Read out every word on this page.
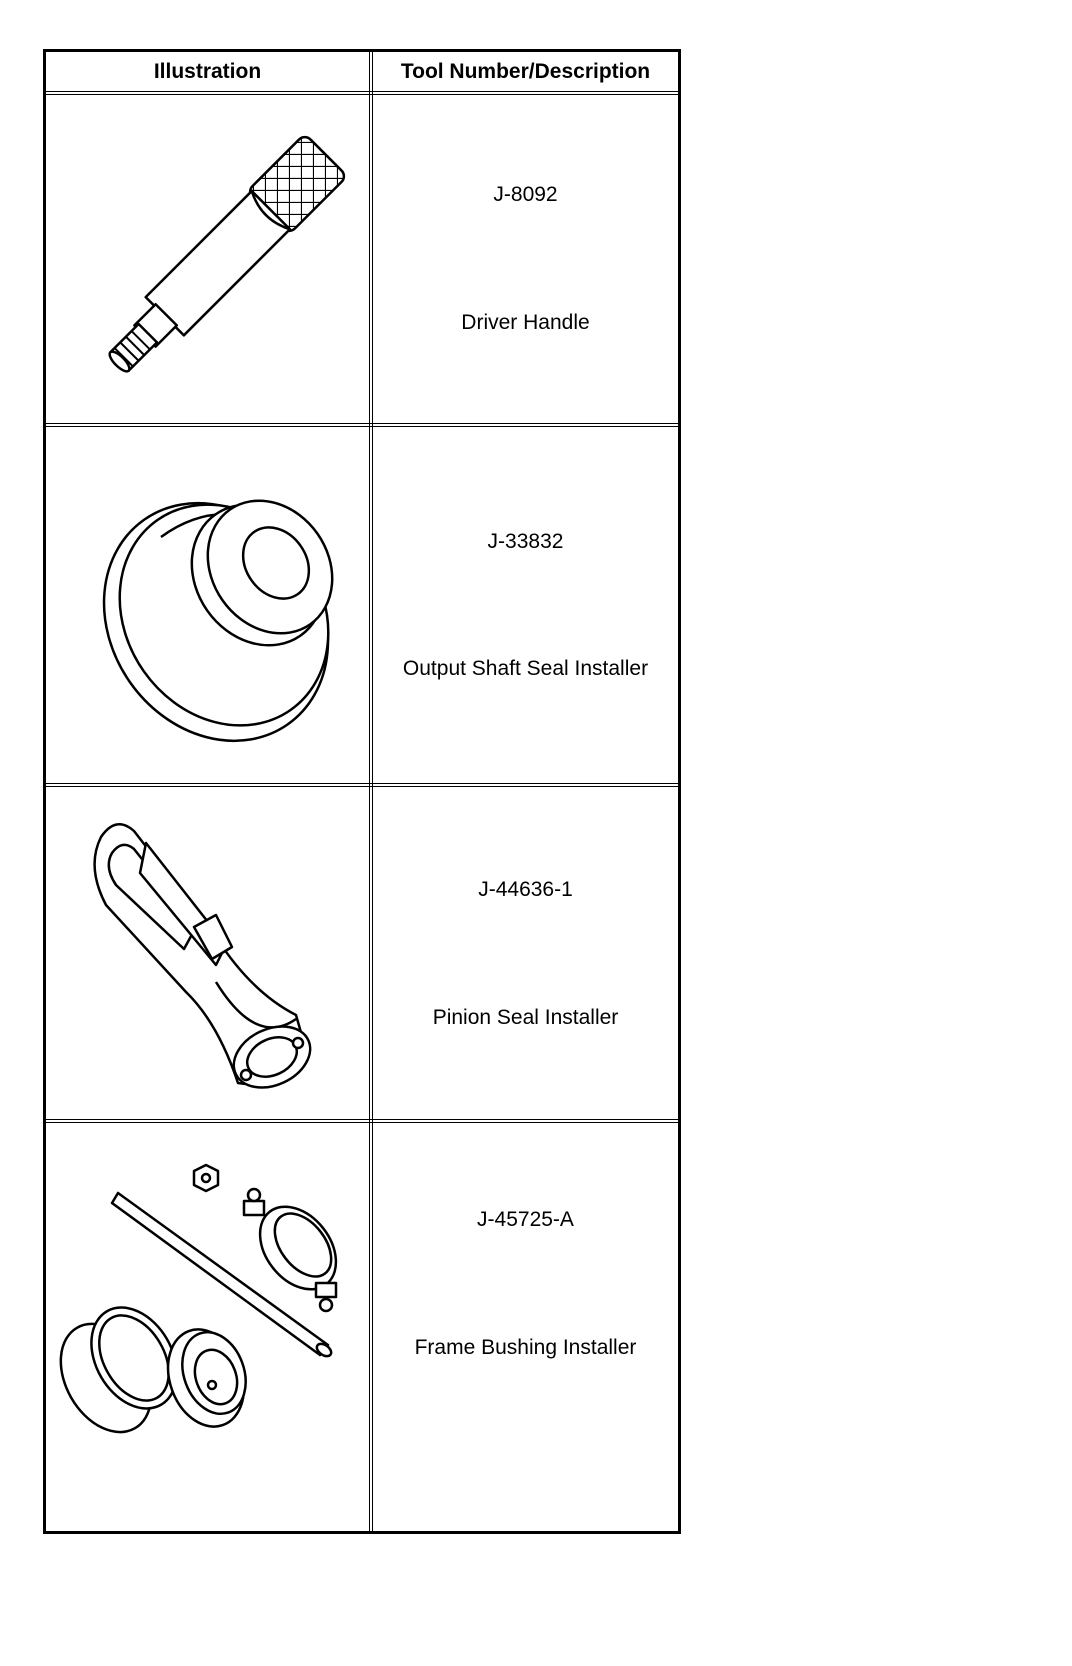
Illustration	Tool Number/Description
J-8092
Driver Handle
J-33832
Output Shaft Seal Installer
J-44636-1
Pinion Seal Installer
J-45725-A
Frame Bushing Installer
